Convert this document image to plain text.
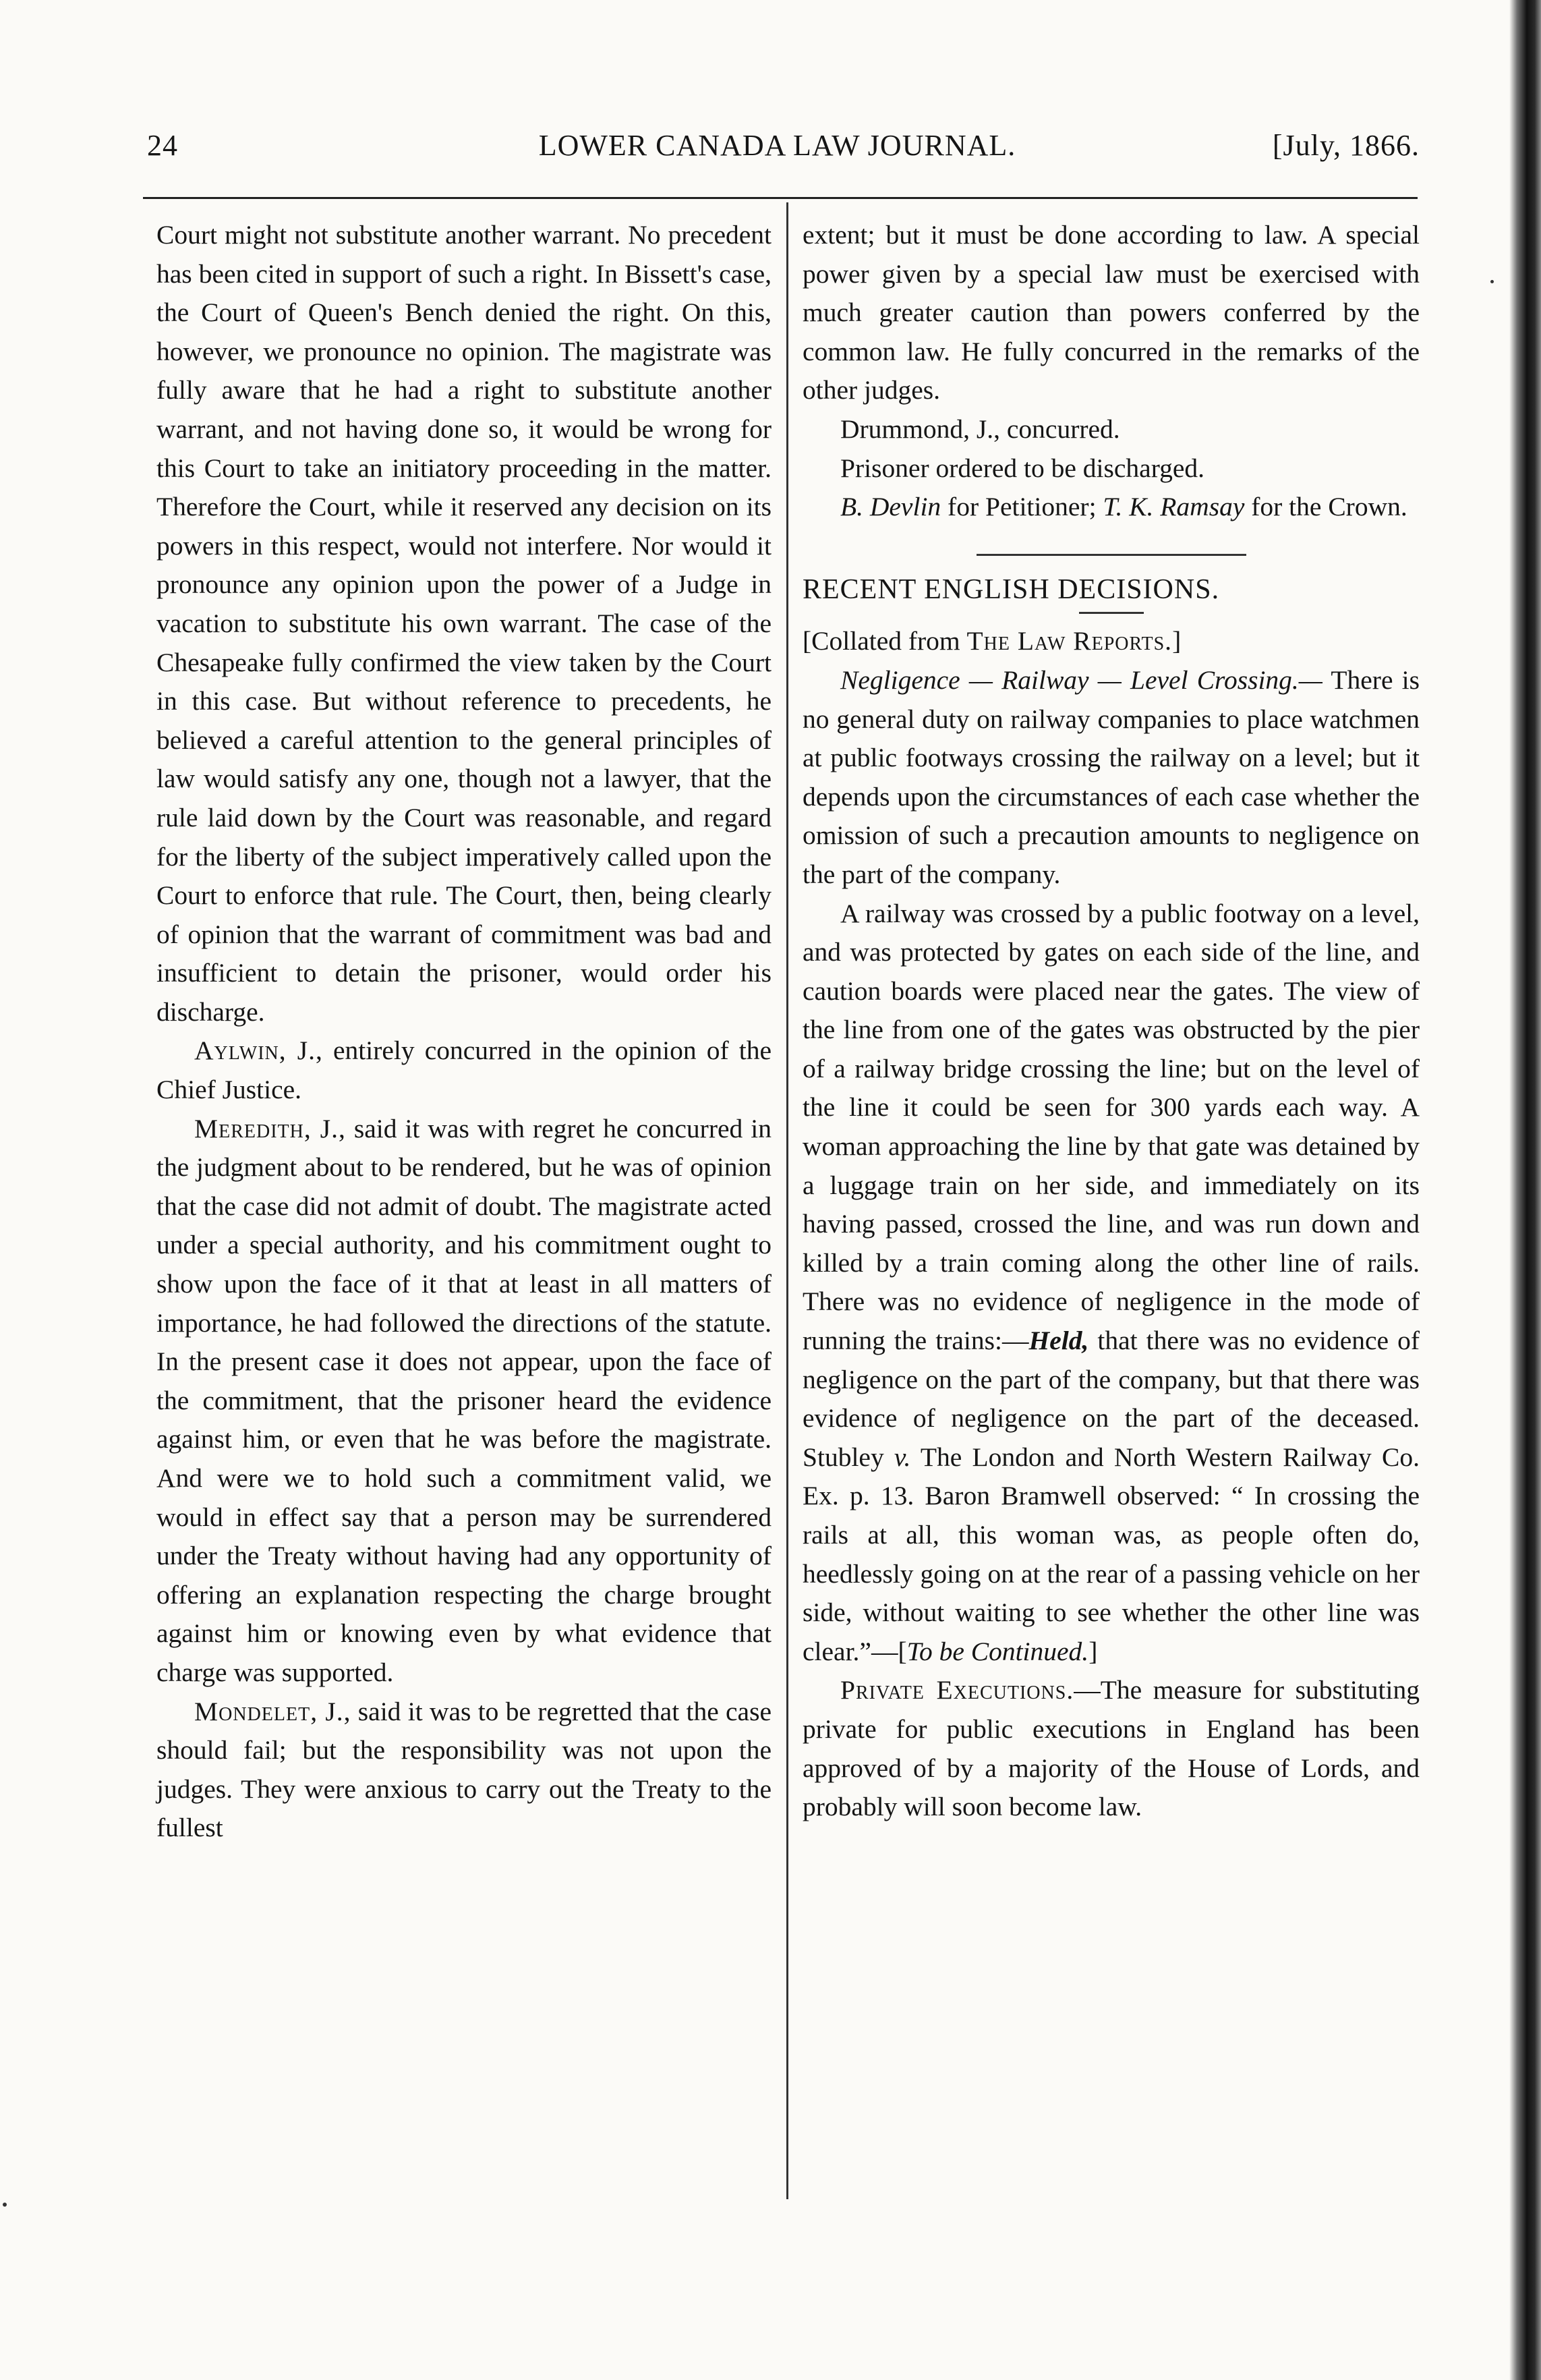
24	LOWER CANADA LAW JOURNAL.	[July, 1866.

Court might not substitute another warrant. No precedent has been cited in support of such a right. In Bissett's case, the Court of Queen's Bench denied the right. On this, however, we pronounce no opinion. The magistrate was fully aware that he had a right to substitute another warrant, and not having done so, it would be wrong for this Court to take an initiatory proceeding in the matter. Therefore the Court, while it reserved any decision on its powers in this respect, would not interfere. Nor would it pronounce any opinion upon the power of a Judge in vacation to substitute his own warrant. The case of the Chesapeake fully confirmed the view taken by the Court in this case. But without reference to precedents, he believed a careful attention to the general principles of law would satisfy any one, though not a lawyer, that the rule laid down by the Court was reasonable, and regard for the liberty of the subject imperatively called upon the Court to enforce that rule. The Court, then, being clearly of opinion that the warrant of commitment was bad and insufficient to detain the prisoner, would order his discharge.

Aylwin, J., entirely concurred in the opinion of the Chief Justice.

Meredith, J., said it was with regret he concurred in the judgment about to be rendered, but he was of opinion that the case did not admit of doubt. The magistrate acted under a special authority, and his commitment ought to show upon the face of it that at least in all matters of importance, he had followed the directions of the statute. In the present case it does not appear, upon the face of the commitment, that the prisoner heard the evidence against him, or even that he was before the magistrate. And were we to hold such a commitment valid, we would in effect say that a person may be surrendered under the Treaty without having had any opportunity of offering an explanation respecting the charge brought against him or knowing even by what evidence that charge was supported.

Mondelet, J., said it was to be regretted that the case should fail; but the responsibility was not upon the judges. They were anxious to carry out the Treaty to the fullest

extent; but it must be done according to law. A special power given by a special law must be exercised with much greater caution than powers conferred by the common law. He fully concurred in the remarks of the other judges.

Drummond, J., concurred.

Prisoner ordered to be discharged.

B. Devlin for Petitioner; T. K. Ramsay for the Crown.

RECENT ENGLISH DECISIONS.

[Collated from The Law Reports.]

Negligence — Railway — Level Crossing.— There is no general duty on railway companies to place watchmen at public footways crossing the railway on a level; but it depends upon the circumstances of each case whether the omission of such a precaution amounts to negligence on the part of the company.

A railway was crossed by a public footway on a level, and was protected by gates on each side of the line, and caution boards were placed near the gates. The view of the line from one of the gates was obstructed by the pier of a railway bridge crossing the line; but on the level of the line it could be seen for 300 yards each way. A woman approaching the line by that gate was detained by a luggage train on her side, and immediately on its having passed, crossed the line, and was run down and killed by a train coming along the other line of rails. There was no evidence of negligence in the mode of running the trains:—Held, that there was no evidence of negligence on the part of the company, but that there was evidence of negligence on the part of the deceased. Stubley v. The London and North Western Railway Co. Ex. p. 13. Baron Bramwell observed: “ In crossing the rails at all, this woman was, as people often do, heedlessly going on at the rear of a passing vehicle on her side, without waiting to see whether the other line was clear.”—[To be Continued.]

Private Executions.—The measure for substituting private for public executions in England has been approved of by a majority of the House of Lords, and probably will soon become law.
